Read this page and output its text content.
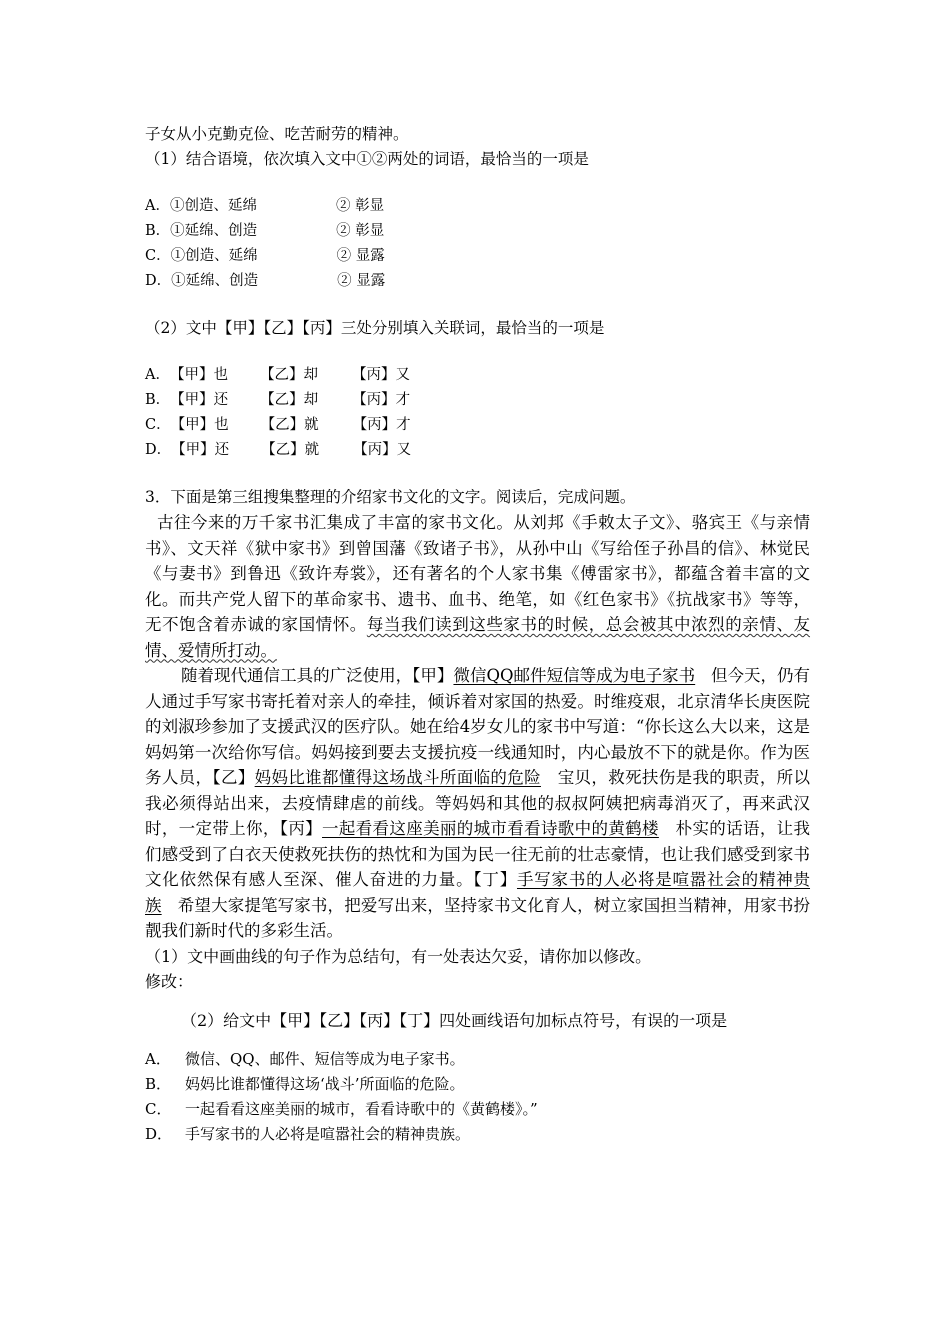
子女从小克勤克俭、吃苦耐劳的精神。
（1）结合语境，依次填入文中①②两处的词语，最恰当的一项是
A．①创造、延绵	② 彰显
B．①延绵、创造	② 彰显
C．①创造、延绵	② 显露
D．①延绵、创造	② 显露
（2）文中【甲】【乙】【丙】三处分别填入关联词，最恰当的一项是
A．【甲】也 【乙】却 【丙】又
B．【甲】还 【乙】却 【丙】才
C．【甲】也 【乙】就 【丙】才
D．【甲】还 【乙】就 【丙】又
3．下面是第三组搜集整理的介绍家书文化的文字。阅读后，完成问题。

古往今来的万千家书汇集成了丰富的家书文化。从刘邦《手敕太子文》、骆宾王《与亲情书》、文天祥《狱中家书》到曾国藩《致诸子书》，从孙中山《写给侄子孙昌的信》、林觉民《与妻书》到鲁迅《致许寿裳》，还有著名的个人家书集《傅雷家书》，都蕴含着丰富的文化。而共产党人留下的革命家书、遗书、血书、绝笔，如《红色家书》《抗战家书》等等，无不饱含着赤诚的家国情怀。每当我们读到这些家书的时候，总会被其中浓烈的亲情、友情、爱情所打动。

随着现代通信工具的广泛使用，【甲】微信QQ邮件短信等成为电子家书 但今天，仍有人通过手写家书寄托着对亲人的牵挂，倾诉着对家国的热爱。时维疫艰，北京清华长庚医院的刘淑珍参加了支援武汉的医疗队。她在给4岁女儿的家书中写道：“你长这么大以来，这是妈妈第一次给你写信。妈妈接到要去支援抗疫一线通知时，内心最放不下的就是你。作为医务人员，【乙】妈妈比谁都懂得这场战斗所面临的危险 宝贝，救死扶伤是我的职责，所以我必须得站出来，去疫情肆虐的前线。等妈妈和其他的叔叔阿姨把病毒消灭了，再来武汉时，一定带上你，【丙】一起看看这座美丽的城市看看诗歌中的黄鹤楼 朴实的话语，让我们感受到了白衣天使救死扶伤的热忱和为国为民一往无前的壮志豪情，也让我们感受到家书文化依然保有感人至深、催人奋进的力量。【丁】手写家书的人必将是喧嚣社会的精神贵族 希望大家提笔写家书，把爱写出来，坚持家书文化育人，树立家国担当精神，用家书扮靓我们新时代的多彩生活。

（1）文中画曲线的句子作为总结句，有一处表达欠妥，请你加以修改。
修改：
（2）给文中【甲】【乙】【丙】【丁】四处画线语句加标点符号，有误的一项是
A． 微信、QQ、邮件、短信等成为电子家书。
B． 妈妈比谁都懂得这场‘战斗’所面临的危险。
C． 一起看看这座美丽的城市，看看诗歌中的《黄鹤楼》。”
D． 手写家书的人必将是喧嚣社会的精神贵族。
